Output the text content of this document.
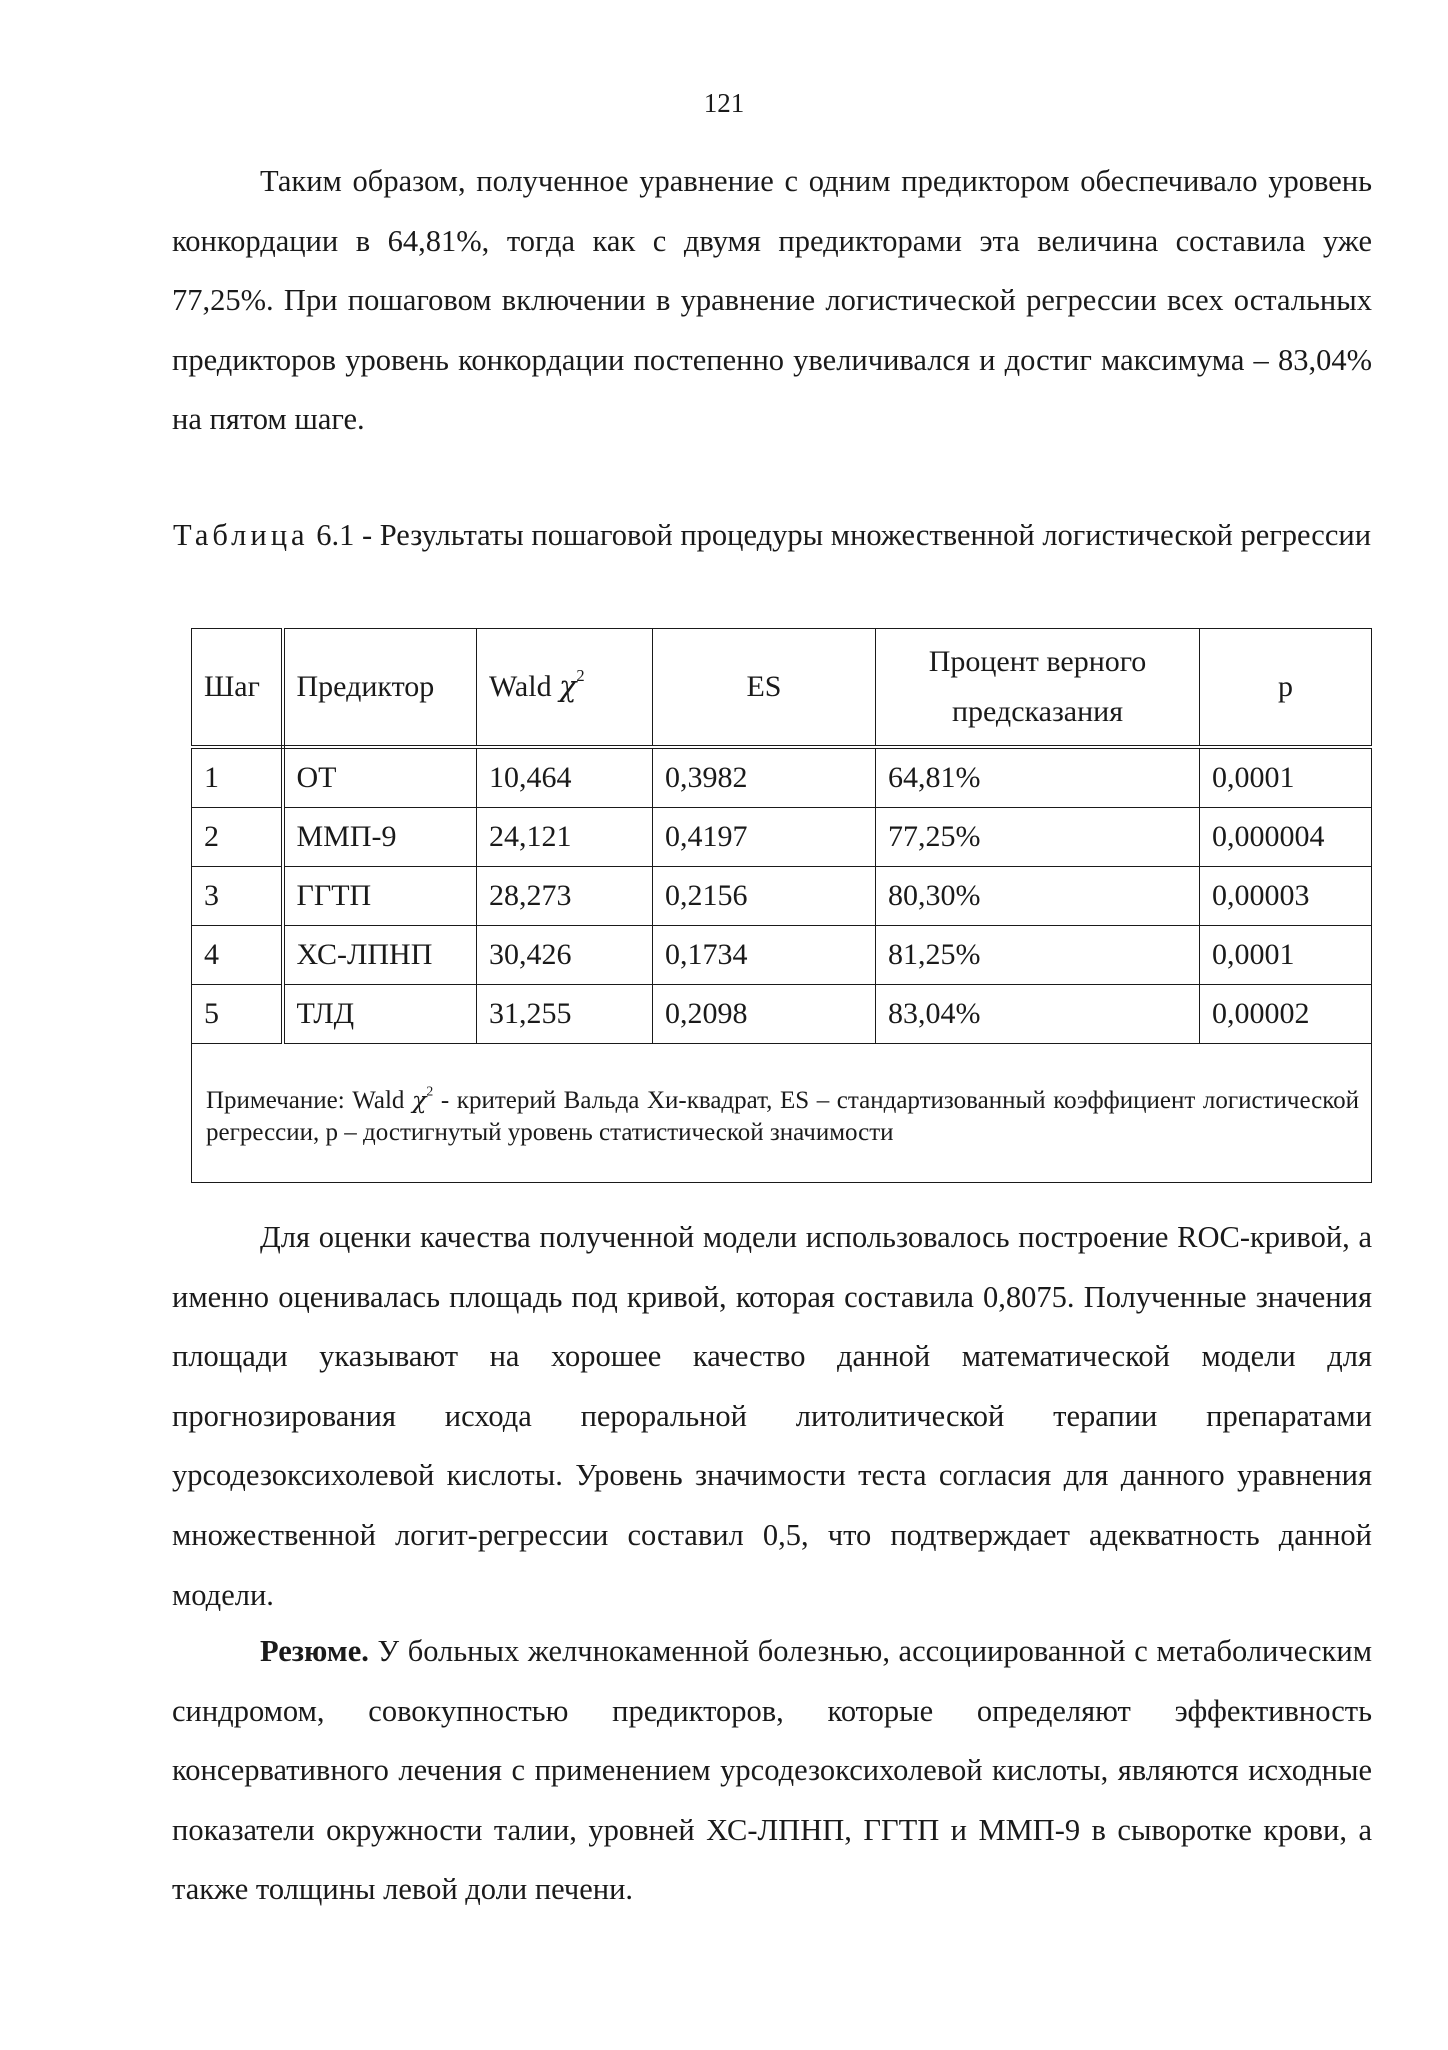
121

Таким образом, полученное уравнение с одним предиктором обеспечивало уровень конкордации в 64,81%, тогда как с двумя предикторами эта величина составила уже 77,25%. При пошаговом включении в уравнение логистической регрессии всех остальных предикторов уровень конкордации постепенно увеличивался и достиг максимума – 83,04% на пятом шаге.

Таблица 6.1 - Результаты пошаговой процедуры множественной логистической регрессии

Шаг	Предиктор	Wald $\chi^2$	ES	Процент верного предсказания	p
1	ОТ	10,464	0,3982	64,81%	0,0001
2	ММП-9	24,121	0,4197	77,25%	0,000004
3	ГГТП	28,273	0,2156	80,30%	0,00003
4	ХС-ЛПНП	30,426	0,1734	81,25%	0,0001
5	ТЛД	31,255	0,2098	83,04%	0,00002
Примечание: Wald $\chi^2$ - критерий Вальда Хи-квадрат, ES – стандартизованный коэффициент логистической регрессии, p – достигнутый уровень статистической значимости					

Для оценки качества полученной модели использовалось построение ROC-кривой, а именно оценивалась площадь под кривой, которая составила 0,8075. Полученные значения площади указывают на хорошее качество данной математической модели для прогнозирования исхода пероральной литолитической терапии препаратами урсодезоксихолевой кислоты. Уровень значимости теста согласия для данного уравнения множественной логит-регрессии составил 0,5, что подтверждает адекватность данной модели.

Резюме. У больных желчнокаменной болезнью, ассоциированной с метаболическим синдромом, совокупностью предикторов, которые определяют эффективность консервативного лечения с применением урсодезоксихолевой кислоты, являются исходные показатели окружности талии, уровней ХС-ЛПНП, ГГТП и ММП-9 в сыворотке крови, а также толщины левой доли печени.
